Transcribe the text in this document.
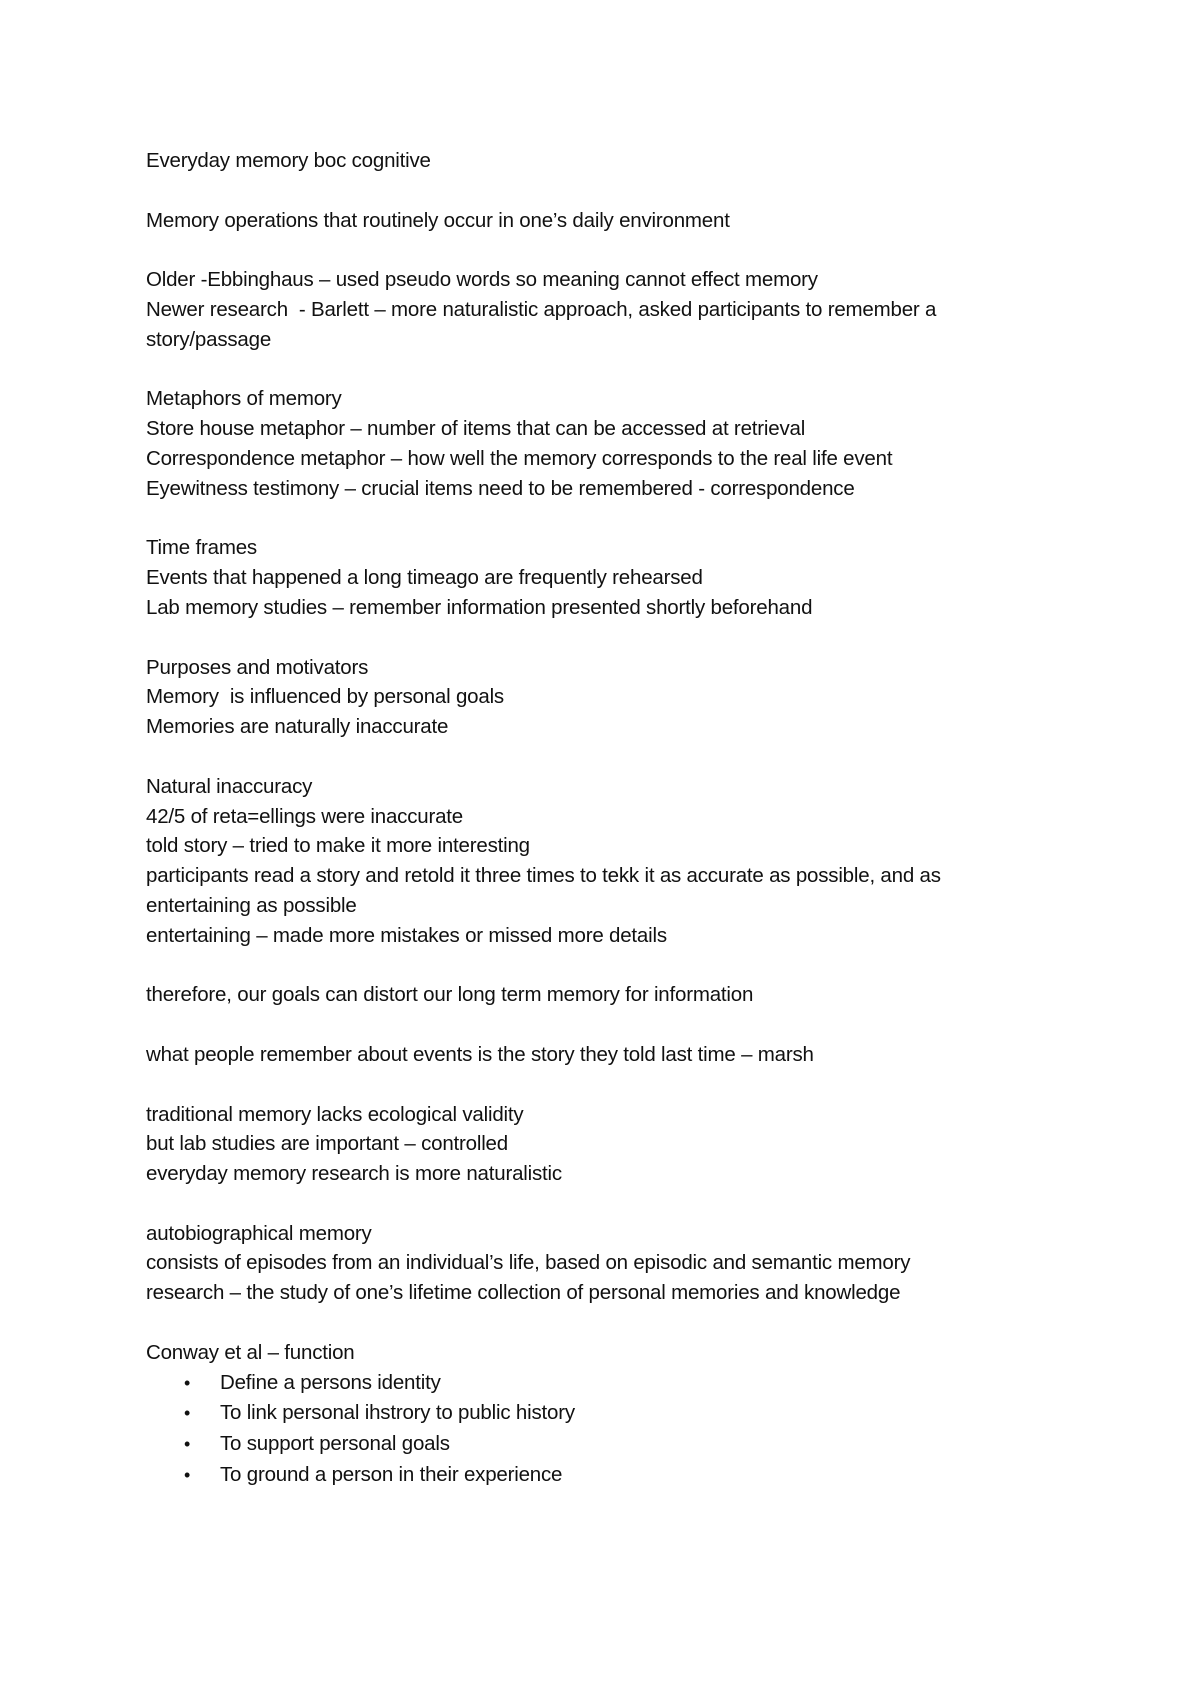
Everyday memory boc cognitive
Memory operations that routinely occur in one’s daily environment
Older -Ebbinghaus – used pseudo words so meaning cannot effect memory
Newer research  - Barlett – more naturalistic approach, asked participants to remember a story/passage
Metaphors of memory
Store house metaphor – number of items that can be accessed at retrieval
Correspondence metaphor – how well the memory corresponds to the real life event
Eyewitness testimony – crucial items need to be remembered - correspondence
Time frames
Events that happened a long timeago are frequently rehearsed
Lab memory studies – remember information presented shortly beforehand
Purposes and motivators
Memory  is influenced by personal goals
Memories are naturally inaccurate
Natural inaccuracy
42/5 of reta=ellings were inaccurate
told story – tried to make it more interesting
participants read a story and retold it three times to tekk it as accurate as possible, and as entertaining as possible
entertaining – made more mistakes or missed more details
therefore, our goals can distort our long term memory for information
what people remember about events is the story they told last time – marsh
traditional memory lacks ecological validity
but lab studies are important – controlled
everyday memory research is more naturalistic
autobiographical memory
consists of episodes from an individual’s life, based on episodic and semantic memory
research – the study of one’s lifetime collection of personal memories and knowledge
Conway et al – function
•	Define a persons identity
•	To link personal ihstrory to public history
•	To support personal goals
•	To ground a person in their experience
